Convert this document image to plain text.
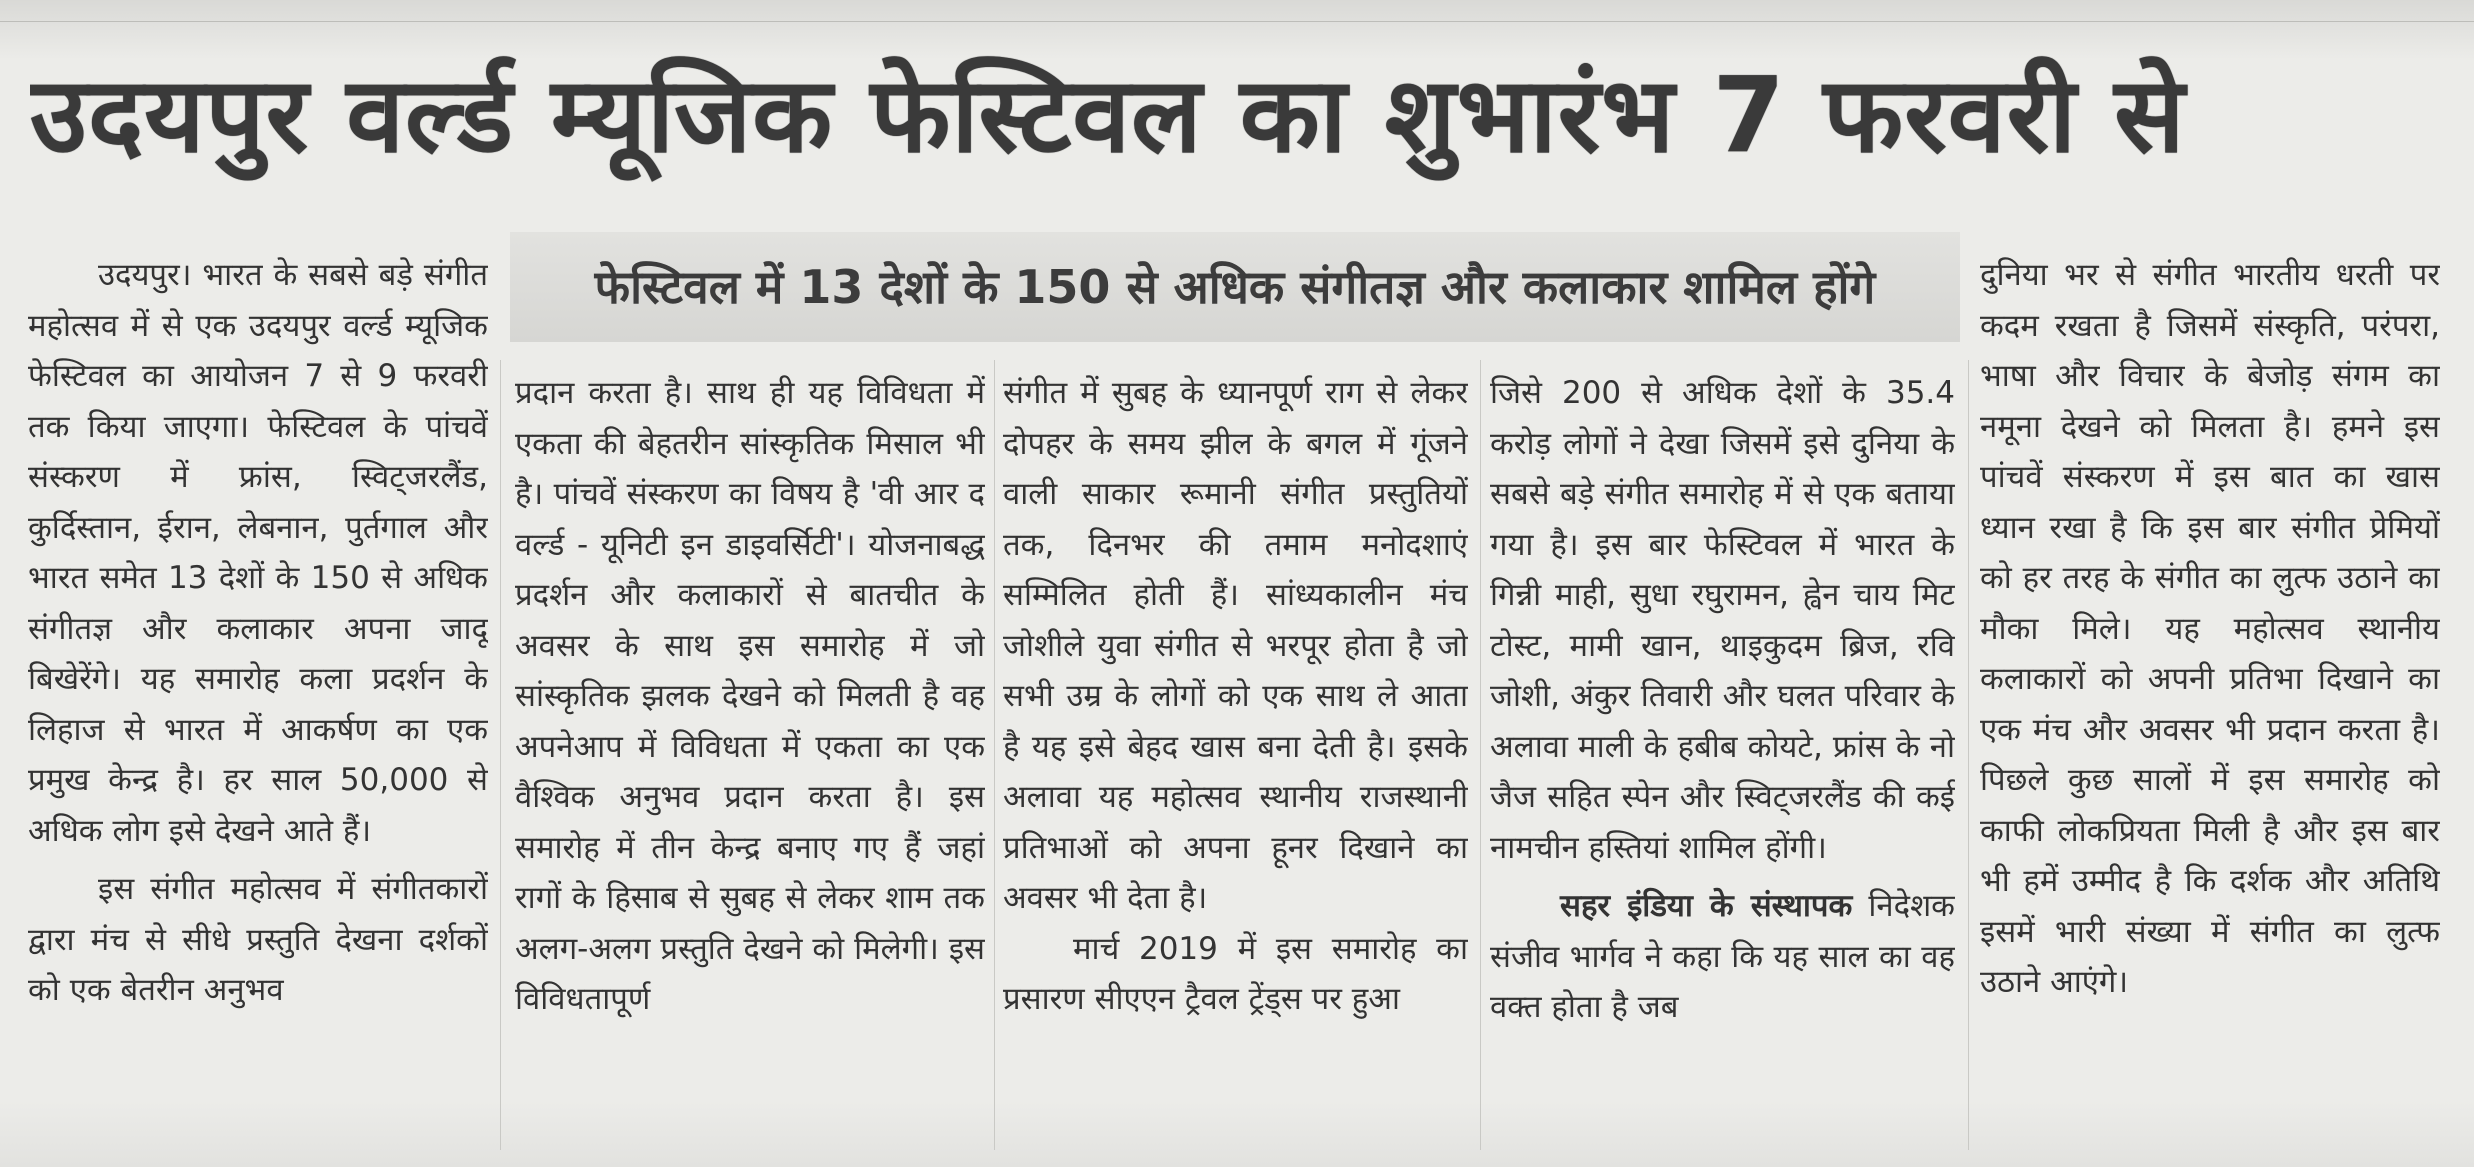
उदयपुर वर्ल्ड म्यूजिक फेस्टिवल का शुभारंभ 7 फरवरी से
फेस्टिवल में 13 देशों के 150 से अधिक संगीतज्ञ और कलाकार शामिल होंगे

उदयपुर। भारत के सबसे बड़े संगीत महोत्सव में से एक उदयपुर वर्ल्ड म्यूजिक फेस्टिवल का आयोजन 7 से 9 फरवरी तक किया जाएगा। फेस्टिवल के पांचवें संस्करण में फ्रांस, स्विट्जरलैंड, कुर्दिस्तान, ईरान, लेबनान, पुर्तगाल और भारत समेत 13 देशों के 150 से अधिक संगीतज्ञ और कलाकार अपना जादू बिखेरेंगे। यह समारोह कला प्रदर्शन के लिहाज से भारत में आकर्षण का एक प्रमुख केन्द्र है। हर साल 50,000 से अधिक लोग इसे देखने आते हैं।

इस संगीत महोत्सव में संगीतकारों द्वारा मंच से सीधे प्रस्तुति देखना दर्शकों को एक बेतरीन अनुभव

प्रदान करता है। साथ ही यह विविधता में एकता की बेहतरीन सांस्कृतिक मिसाल भी है। पांचवें संस्करण का विषय है 'वी आर द वर्ल्ड - यूनिटी इन डाइवर्सिटी'। योजनाबद्ध प्रदर्शन और कलाकारों से बातचीत के अवसर के साथ इस समारोह में जो सांस्कृतिक झलक देखने को मिलती है वह अपनेआप में विविधता में एकता का एक वैश्विक अनुभव प्रदान करता है। इस समारोह में तीन केन्द्र बनाए गए हैं जहां रागों के हिसाब से सुबह से लेकर शाम तक अलग-अलग प्रस्तुति देखने को मिलेगी। इस विविधतापूर्ण

संगीत में सुबह के ध्यानपूर्ण राग से लेकर दोपहर के समय झील के बगल में गूंजने वाली साकार रूमानी संगीत प्रस्तुतियों तक, दिनभर की तमाम मनोदशाएं सम्मिलित होती हैं। सांध्यकालीन मंच जोशीले युवा संगीत से भरपूर होता है जो सभी उम्र के लोगों को एक साथ ले आता है यह इसे बेहद खास बना देती है। इसके अलावा यह महोत्सव स्थानीय राजस्थानी प्रतिभाओं को अपना हूनर दिखाने का अवसर भी देता है।

मार्च 2019 में इस समारोह का प्रसारण सीएएन ट्रैवल ट्रेंड्स पर हुआ

जिसे 200 से अधिक देशों के 35.4 करोड़ लोगों ने देखा जिसमें इसे दुनिया के सबसे बड़े संगीत समारोह में से एक बताया गया है। इस बार फेस्टिवल में भारत के गिन्नी माही, सुधा रघुरामन, ह्वेन चाय मिट टोस्ट, मामी खान, थाइकुदम ब्रिज, रवि जोशी, अंकुर तिवारी और घलत परिवार के अलावा माली के हबीब कोयटे, फ्रांस के नो जैज सहित स्पेन और स्विट्जरलैंड की कई नामचीन हस्तियां शामिल होंगी।

सहर इंडिया के संस्थापक निदेशक संजीव भार्गव ने कहा कि यह साल का वह वक्त होता है जब

दुनिया भर से संगीत भारतीय धरती पर कदम रखता है जिसमें संस्कृति, परंपरा, भाषा और विचार के बेजोड़ संगम का नमूना देखने को मिलता है। हमने इस पांचवें संस्करण में इस बात का खास ध्यान रखा है कि इस बार संगीत प्रेमियों को हर तरह के संगीत का लुत्फ उठाने का मौका मिले। यह महोत्सव स्थानीय कलाकारों को अपनी प्रतिभा दिखाने का एक मंच और अवसर भी प्रदान करता है। पिछले कुछ सालों में इस समारोह को काफी लोकप्रियता मिली है और इस बार भी हमें उम्मीद है कि दर्शक और अतिथि इसमें भारी संख्या में संगीत का लुत्फ उठाने आएंगे।
